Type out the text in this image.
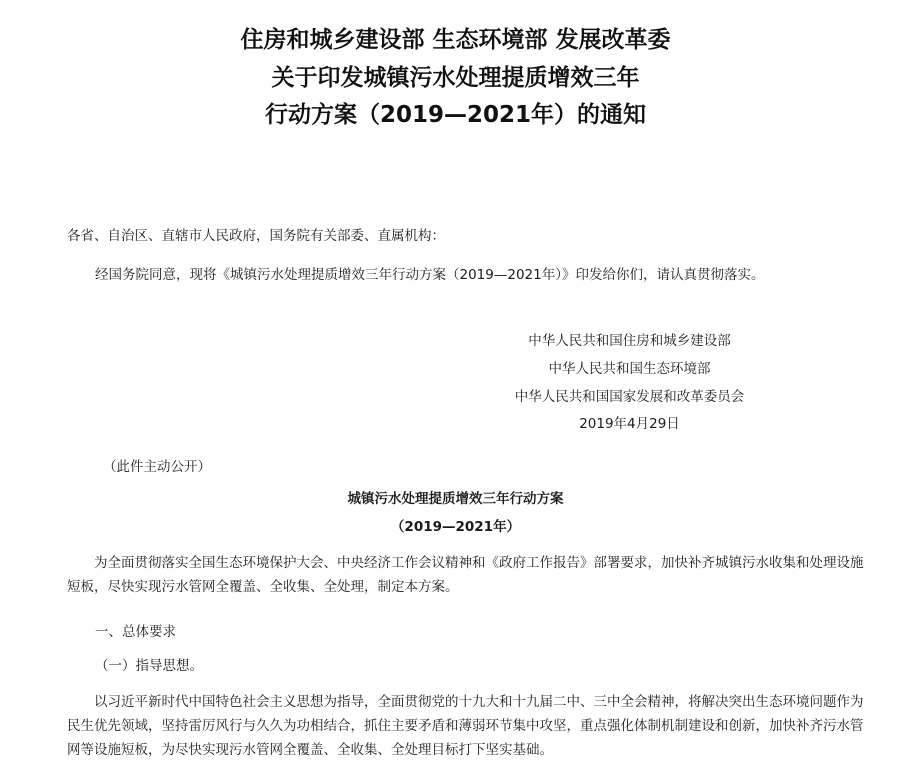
住房和城乡建设部 生态环境部 发展改革委
关于印发城镇污水处理提质增效三年
行动方案（2019—2021年）的通知

各省、自治区、直辖市人民政府，国务院有关部委、直属机构：

经国务院同意，现将《城镇污水处理提质增效三年行动方案（2019—2021年）》印发给你们，请认真贯彻落实。

中华人民共和国住房和城乡建设部
中华人民共和国生态环境部
中华人民共和国国家发展和改革委员会
2019年4月29日

（此件主动公开）

城镇污水处理提质增效三年行动方案
（2019—2021年）

为全面贯彻落实全国生态环境保护大会、中央经济工作会议精神和《政府工作报告》部署要求，加快补齐城镇污水收集和处理设施短板，尽快实现污水管网全覆盖、全收集、全处理，制定本方案。

一、总体要求

（一）指导思想。

以习近平新时代中国特色社会主义思想为指导，全面贯彻党的十九大和十九届二中、三中全会精神，将解决突出生态环境问题作为民生优先领域，坚持雷厉风行与久久为功相结合，抓住主要矛盾和薄弱环节集中攻坚，重点强化体制机制建设和创新，加快补齐污水管网等设施短板，为尽快实现污水管网全覆盖、全收集、全处理目标打下坚实基础。
